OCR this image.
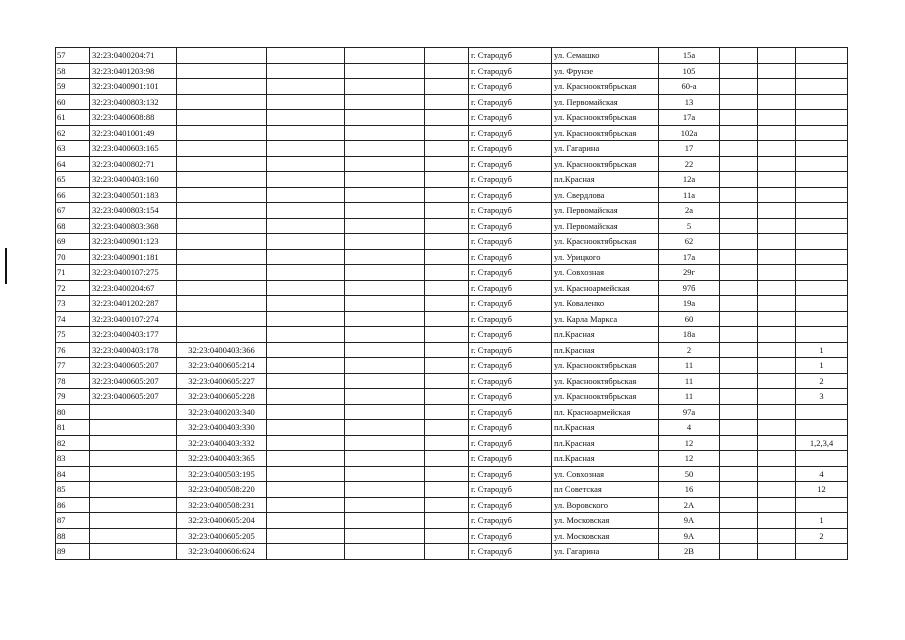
57	32:23:0400204:71					г. Стародуб	ул. Семашко	15а			
58	32:23:0401203:98					г. Стародуб	ул. Фрунзе	105			
59	32:23:0400901:101					г. Стародуб	ул. Краснооктябрьская	60-а			
60	32:23:0400803:132					г. Стародуб	ул. Первомайская	13			
61	32:23:0400608:88					г. Стародуб	ул. Краснооктябрьская	17а			
62	32:23:0401001:49					г. Стародуб	ул. Краснооктябрьская	102а			
63	32:23:0400603:165					г. Стародуб	ул. Гагарина	17			
64	32:23:0400802:71					г. Стародуб	ул. Краснооктябрьская	22			
65	32:23:0400403:160					г. Стародуб	пл.Красная	12а			
66	32:23:0400501:183					г. Стародуб	ул. Свердлова	11а			
67	32:23:0400803:154					г. Стародуб	ул. Первомайская	2а			
68	32:23:0400803:368					г. Стародуб	ул. Первомайская	5			
69	32:23:0400901:123					г. Стародуб	ул. Краснооктябрьская	62			
70	32:23:0400901:181					г. Стародуб	ул. Урицкого	17а			
71	32:23:0400107:275					г. Стародуб	ул. Совхозная	29г			
72	32:23:0400204:67					г. Стародуб	ул. Красноармейская	97б			
73	32:23:0401202:287					г. Стародуб	ул. Коваленко	19а			
74	32:23:0400107:274					г. Стародуб	ул. Карла Маркса	60			
75	32:23:0400403:177					г. Стародуб	пл.Красная	18а			
76	32:23:0400403:178	32:23:0400403:366				г. Стародуб	пл.Красная	2			1
77	32:23:0400605:207	32:23:0400605:214				г. Стародуб	ул. Краснооктябрьская	11			1
78	32:23:0400605:207	32:23:0400605:227				г. Стародуб	ул. Краснооктябрьская	11			2
79	32:23:0400605:207	32:23:0400605:228				г. Стародуб	ул. Краснооктябрьская	11			3
80		32:23:0400203:340				г. Стародуб	пл. Красноармейская	97а			
81		32:23:0400403:330				г. Стародуб	пл.Красная	4			
82		32:23:0400403:332				г. Стародуб	пл.Красная	12			1,2,3,4
83		32:23:0400403:365				г. Стародуб	пл.Красная	12			
84		32:23:0400503:195				г. Стародуб	ул. Совхозная	50			4
85		32:23:0400508:220				г. Стародуб	пл Советская	16			12
86		32:23:0400508:231				г. Стародуб	ул. Воровского	2А			
87		32:23:0400605:204				г. Стародуб	ул. Московская	9А			1
88		32:23:0400605:205				г. Стародуб	ул. Московская	9А			2
89		32:23:0400606:624				г. Стародуб	ул. Гагарина	2В			
